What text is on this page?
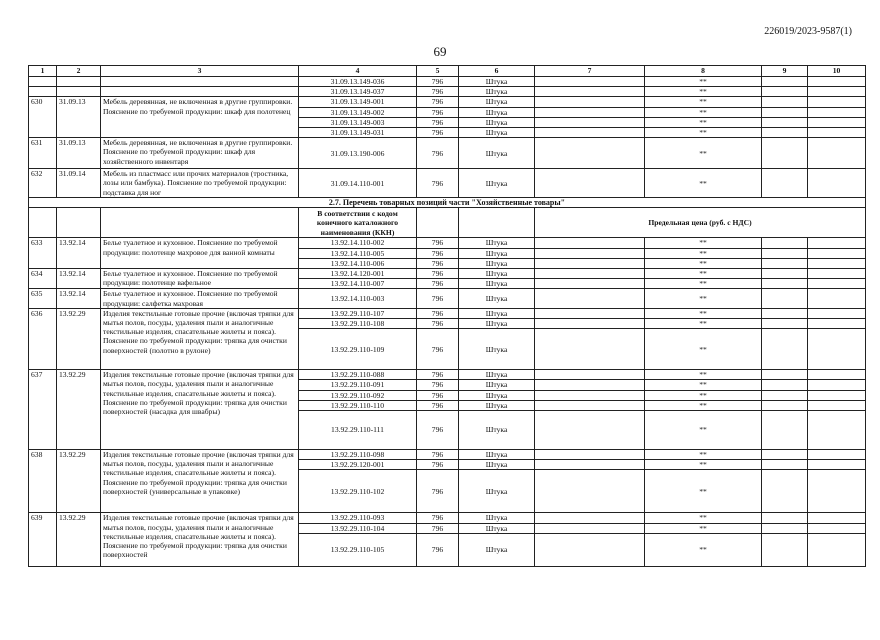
226019/2023-9587(1)
69
1	2	3	4	5	6	7	8	9	10
			31.09.13.149-036	796	Штука		**		
			31.09.13.149-037	796	Штука		**		
630	31.09.13	Мебель деревянная, не включенная в другие группировки. Пояснение по требуемой продукции: шкаф для полотенец	31.09.13.149-001	796	Штука		**		
			31.09.13.149-002	796	Штука		**		
			31.09.13.149-003	796	Штука		**		
			31.09.13.149-031	796	Штука		**		
631	31.09.13	Мебель деревянная, не включенная в другие группировки. Пояснение по требуемой продукции: шкаф для хозяйственного инвентаря	31.09.13.190-006	796	Штука		**		
632	31.09.14	Мебель из пластмасс или прочих материалов (тростника, лозы или бамбука). Пояснение по требуемой продукции: подставка для ног	31.09.14.110-001	796	Штука		**		
2.7. Перечень товарных позиций части "Хозяйственные товары"									
			В соответствии с кодом конечного каталожного наименования (ККН)			Предельная цена (руб. с НДС)			
633	13.92.14	Белье туалетное и кухонное. Пояснение по требуемой продукции: полотенце махровое для ванной комнаты	13.92.14.110-002	796	Штука		**		
			13.92.14.110-005	796	Штука		**		
			13.92.14.110-006	796	Штука		**		
634	13.92.14	Белье туалетное и кухонное. Пояснение по требуемой продукции: полотенце вафельное	13.92.14.120-001	796	Штука		**		
			13.92.14.110-007	796	Штука		**		
635	13.92.14	Белье туалетное и кухонное. Пояснение по требуемой продукции: салфетка махровая	13.92.14.110-003	796	Штука		**		
636	13.92.29	Изделия текстильные готовые прочие (включая тряпки для мытья полов, посуды, удаления пыли и аналогичные текстильные изделия, спасательные жилеты и пояса). Пояснение по требуемой продукции: тряпка для очистки поверхностей (полотно в рулоне)	13.92.29.110-107	796	Штука		**		
			13.92.29.110-108	796	Штука		**		
			13.92.29.110-109	796	Штука		**		
637	13.92.29	Изделия текстильные готовые прочие (включая тряпки для мытья полов, посуды, удаления пыли и аналогичные текстильные изделия, спасательные жилеты и пояса). Пояснение по требуемой продукции: тряпка для очистки поверхностей (насадка для швабры)	13.92.29.110-088	796	Штука		**		
			13.92.29.110-091	796	Штука		**		
			13.92.29.110-092	796	Штука		**		
			13.92.29.110-110	796	Штука		**		
			13.92.29.110-111	796	Штука		**		
638	13.92.29	Изделия текстильные готовые прочие (включая тряпки для мытья полов, посуды, удаления пыли и аналогичные текстильные изделия, спасательные жилеты и пояса). Пояснение по требуемой продукции: тряпка для очистки поверхностей (универсальные в упаковке)	13.92.29.110-098	796	Штука		**		
			13.92.29.120-001	796	Штука		**		
			13.92.29.110-102	796	Штука		**		
639	13.92.29	Изделия текстильные готовые прочие (включая тряпки для мытья полов, посуды, удаления пыли и аналогичные текстильные изделия, спасательные жилеты и пояса). Пояснение по требуемой продукции: тряпка для очистки поверхностей	13.92.29.110-093	796	Штука		**		
			13.92.29.110-104	796	Штука		**		
			13.92.29.110-105	796	Штука		**		
